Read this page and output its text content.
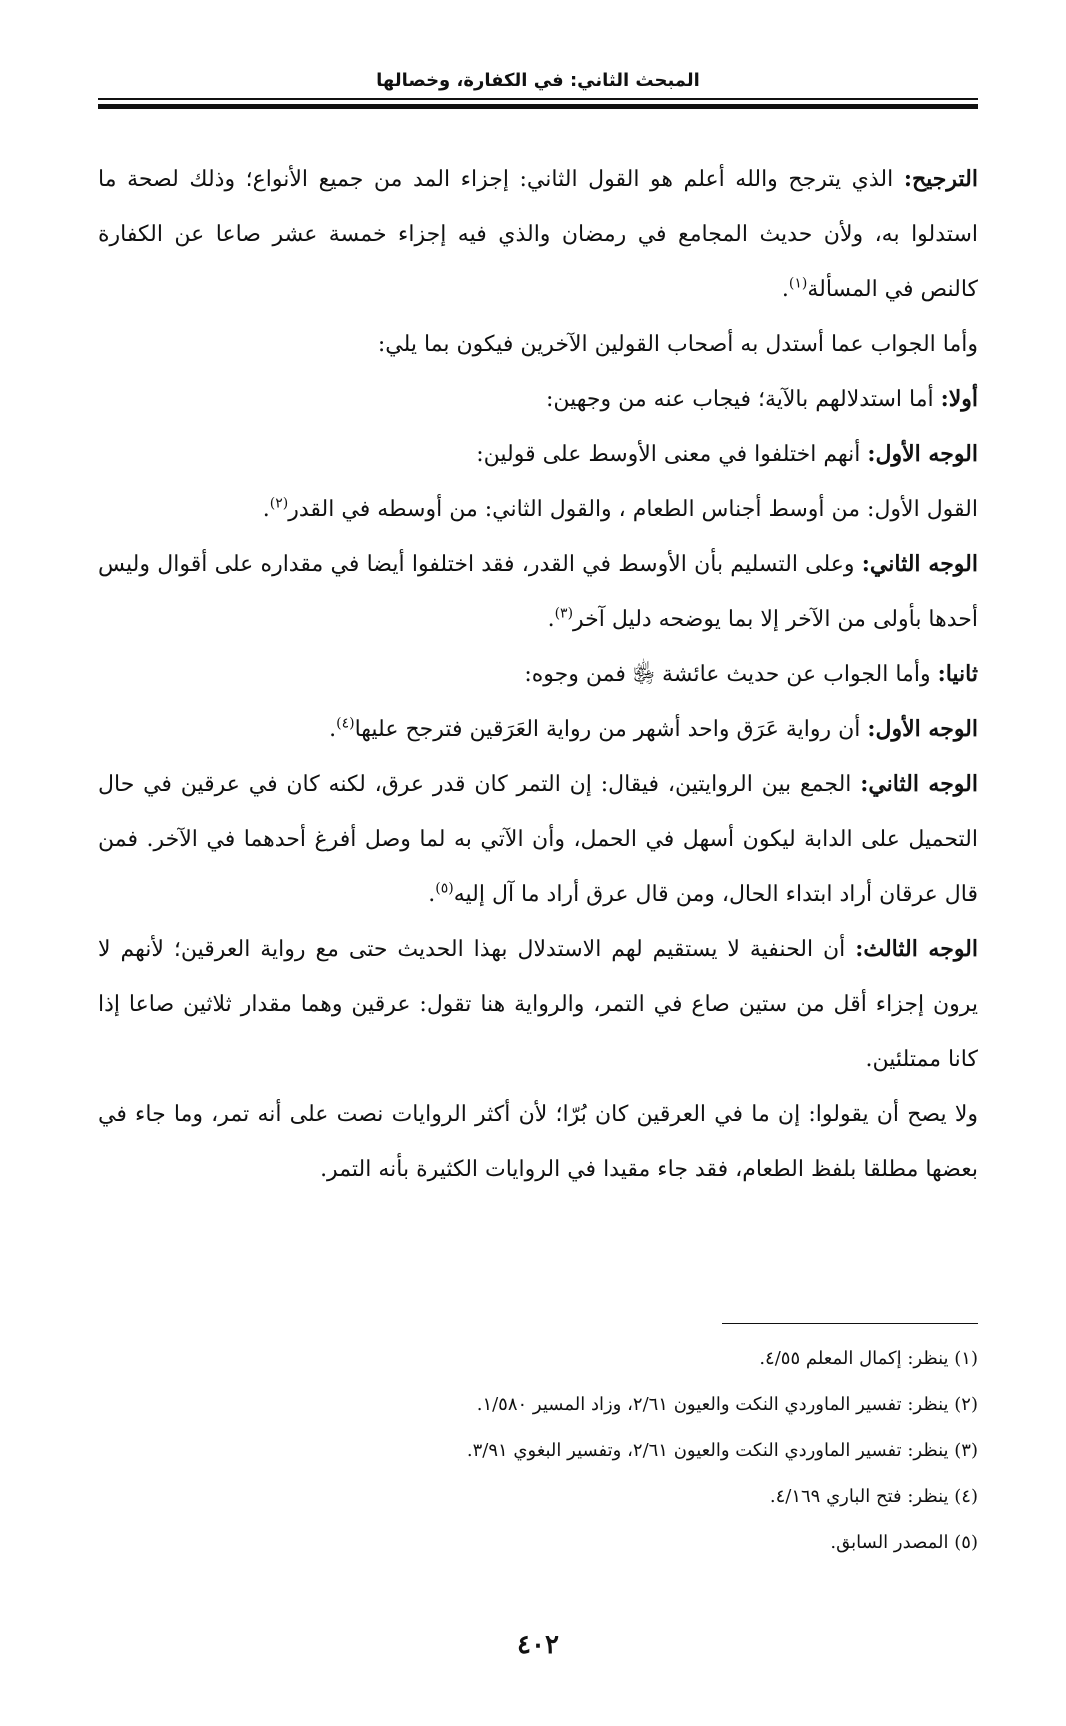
المبحث الثاني: في الكفارة، وخصالها

الترجيح: الذي يترجح والله أعلم هو القول الثاني: إجزاء المد من جميع الأنواع؛ وذلك لصحة ما استدلوا به، ولأن حديث المجامع في رمضان والذي فيه إجزاء خمسة عشر صاعا عن الكفارة كالنص في المسألة$^{(١)}$.

وأما الجواب عما أستدل به أصحاب القولين الآخرين فيكون بما يلي:

أولا: أما استدلالهم بالآية؛ فيجاب عنه من وجهين:

الوجه الأول: أنهم اختلفوا في معنى الأوسط على قولين:

القول الأول: من أوسط أجناس الطعام ، والقول الثاني: من أوسطه في القدر$^{(٢)}$.

الوجه الثاني: وعلى التسليم بأن الأوسط في القدر، فقد اختلفوا أيضا في مقداره على أقوال وليس أحدها بأولى من الآخر إلا بما يوضحه دليل آخر$^{(٣)}$.

ثانيا: وأما الجواب عن حديث عائشة ﵂ فمن وجوه:

الوجه الأول: أن رواية عَرَق واحد أشهر من رواية العَرَقين فترجح عليها$^{(٤)}$.

الوجه الثاني: الجمع بين الروايتين، فيقال: إن التمر كان قدر عرق، لكنه كان في عرقين في حال التحميل على الدابة ليكون أسهل في الحمل، وأن الآتي به لما وصل أفرغ أحدهما في الآخر. فمن قال عرقان أراد ابتداء الحال، ومن قال عرق أراد ما آل إليه$^{(٥)}$.

الوجه الثالث: أن الحنفية لا يستقيم لهم الاستدلال بهذا الحديث حتى مع رواية العرقين؛ لأنهم لا يرون إجزاء أقل من ستين صاع في التمر، والرواية هنا تقول: عرقين وهما مقدار ثلاثين صاعا إذا كانا ممتلئين.

ولا يصح أن يقولوا: إن ما في العرقين كان بُرّا؛ لأن أكثر الروايات نصت على أنه تمر، وما جاء في بعضها مطلقا بلفظ الطعام، فقد جاء مقيدا في الروايات الكثيرة بأنه التمر.

(١) ينظر: إكمال المعلم ٤/٥٥.

(٢) ينظر: تفسير الماوردي النكت والعيون ٢/٦١، وزاد المسير ١/٥٨٠.

(٣) ينظر: تفسير الماوردي النكت والعيون ٢/٦١، وتفسير البغوي ٣/٩١.

(٤) ينظر: فتح الباري ٤/١٦٩.

(٥) المصدر السابق.

٤٠٢
